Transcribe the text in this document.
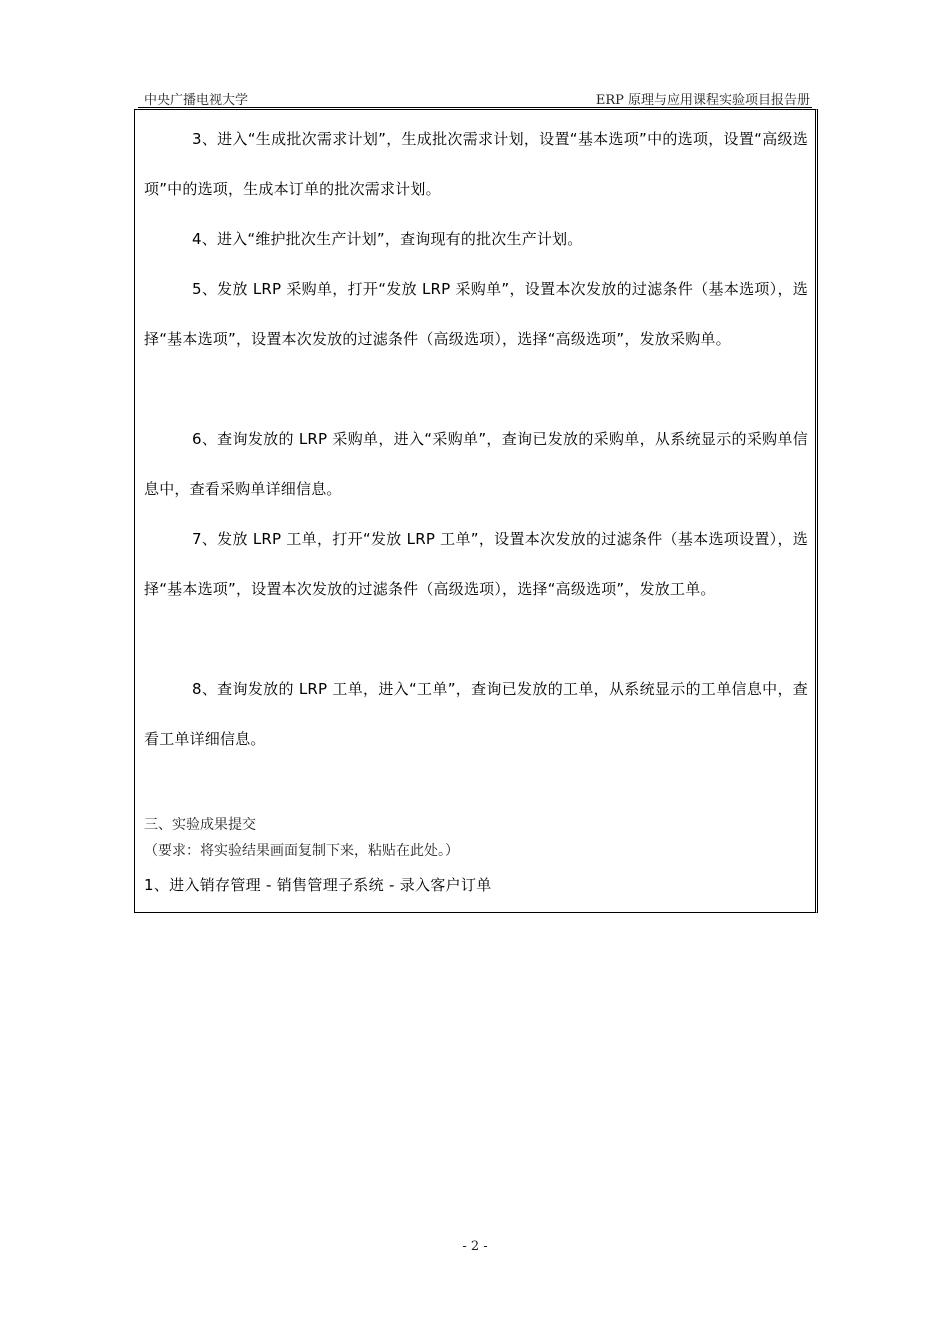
中央广播电视大学	ERP 原理与应用课程实验项目报告册
3、进入“生成批次需求计划”，生成批次需求计划，设置“基本选项”中的选项，设置“高级选项”中的选项，生成本订单的批次需求计划。
4、进入“维护批次生产计划”，查询现有的批次生产计划。
5、发放 LRP 采购单，打开“发放 LRP 采购单”，设置本次发放的过滤条件（基本选项），选择“基本选项”，设置本次发放的过滤条件（高级选项），选择“高级选项”，发放采购单。
6、查询发放的 LRP 采购单，进入“采购单”，查询已发放的采购单，从系统显示的采购单信息中，查看采购单详细信息。
7、发放 LRP 工单，打开“发放 LRP 工单”，设置本次发放的过滤条件（基本选项设置），选择“基本选项”，设置本次发放的过滤条件（高级选项），选择“高级选项”，发放工单。
8、查询发放的 LRP 工单，进入“工单”，查询已发放的工单，从系统显示的工单信息中，查看工单详细信息。
三、实验成果提交
（要求：将实验结果画面复制下来，粘贴在此处。）
1、进入销存管理 - 销售管理子系统 - 录入客户订单
- 2 -
